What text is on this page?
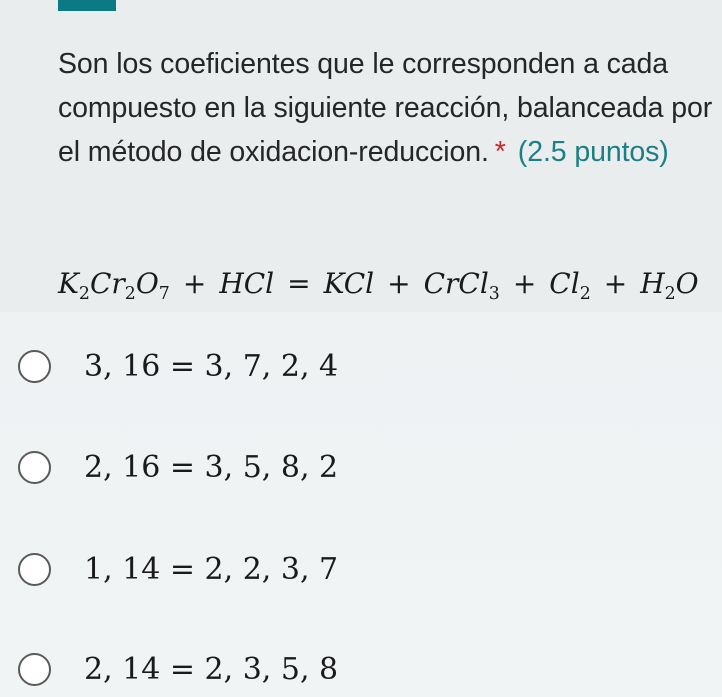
Son los coeficientes que le corresponden a cada compuesto en la siguiente reacción, balanceada por el método de oxidacion-reduccion. * (2.5 puntos)
$K_2Cr_2O_7$ + HCl = KCl + CrCl$_3$ + $Cl_2 + H_2O$
3, 16 = 3, 7, 2, 4
2, 16 = 3, 5, 8, 2
1, 14 = 2, 2, 3, 7
2, 14 = 2, 3, 5, 8
